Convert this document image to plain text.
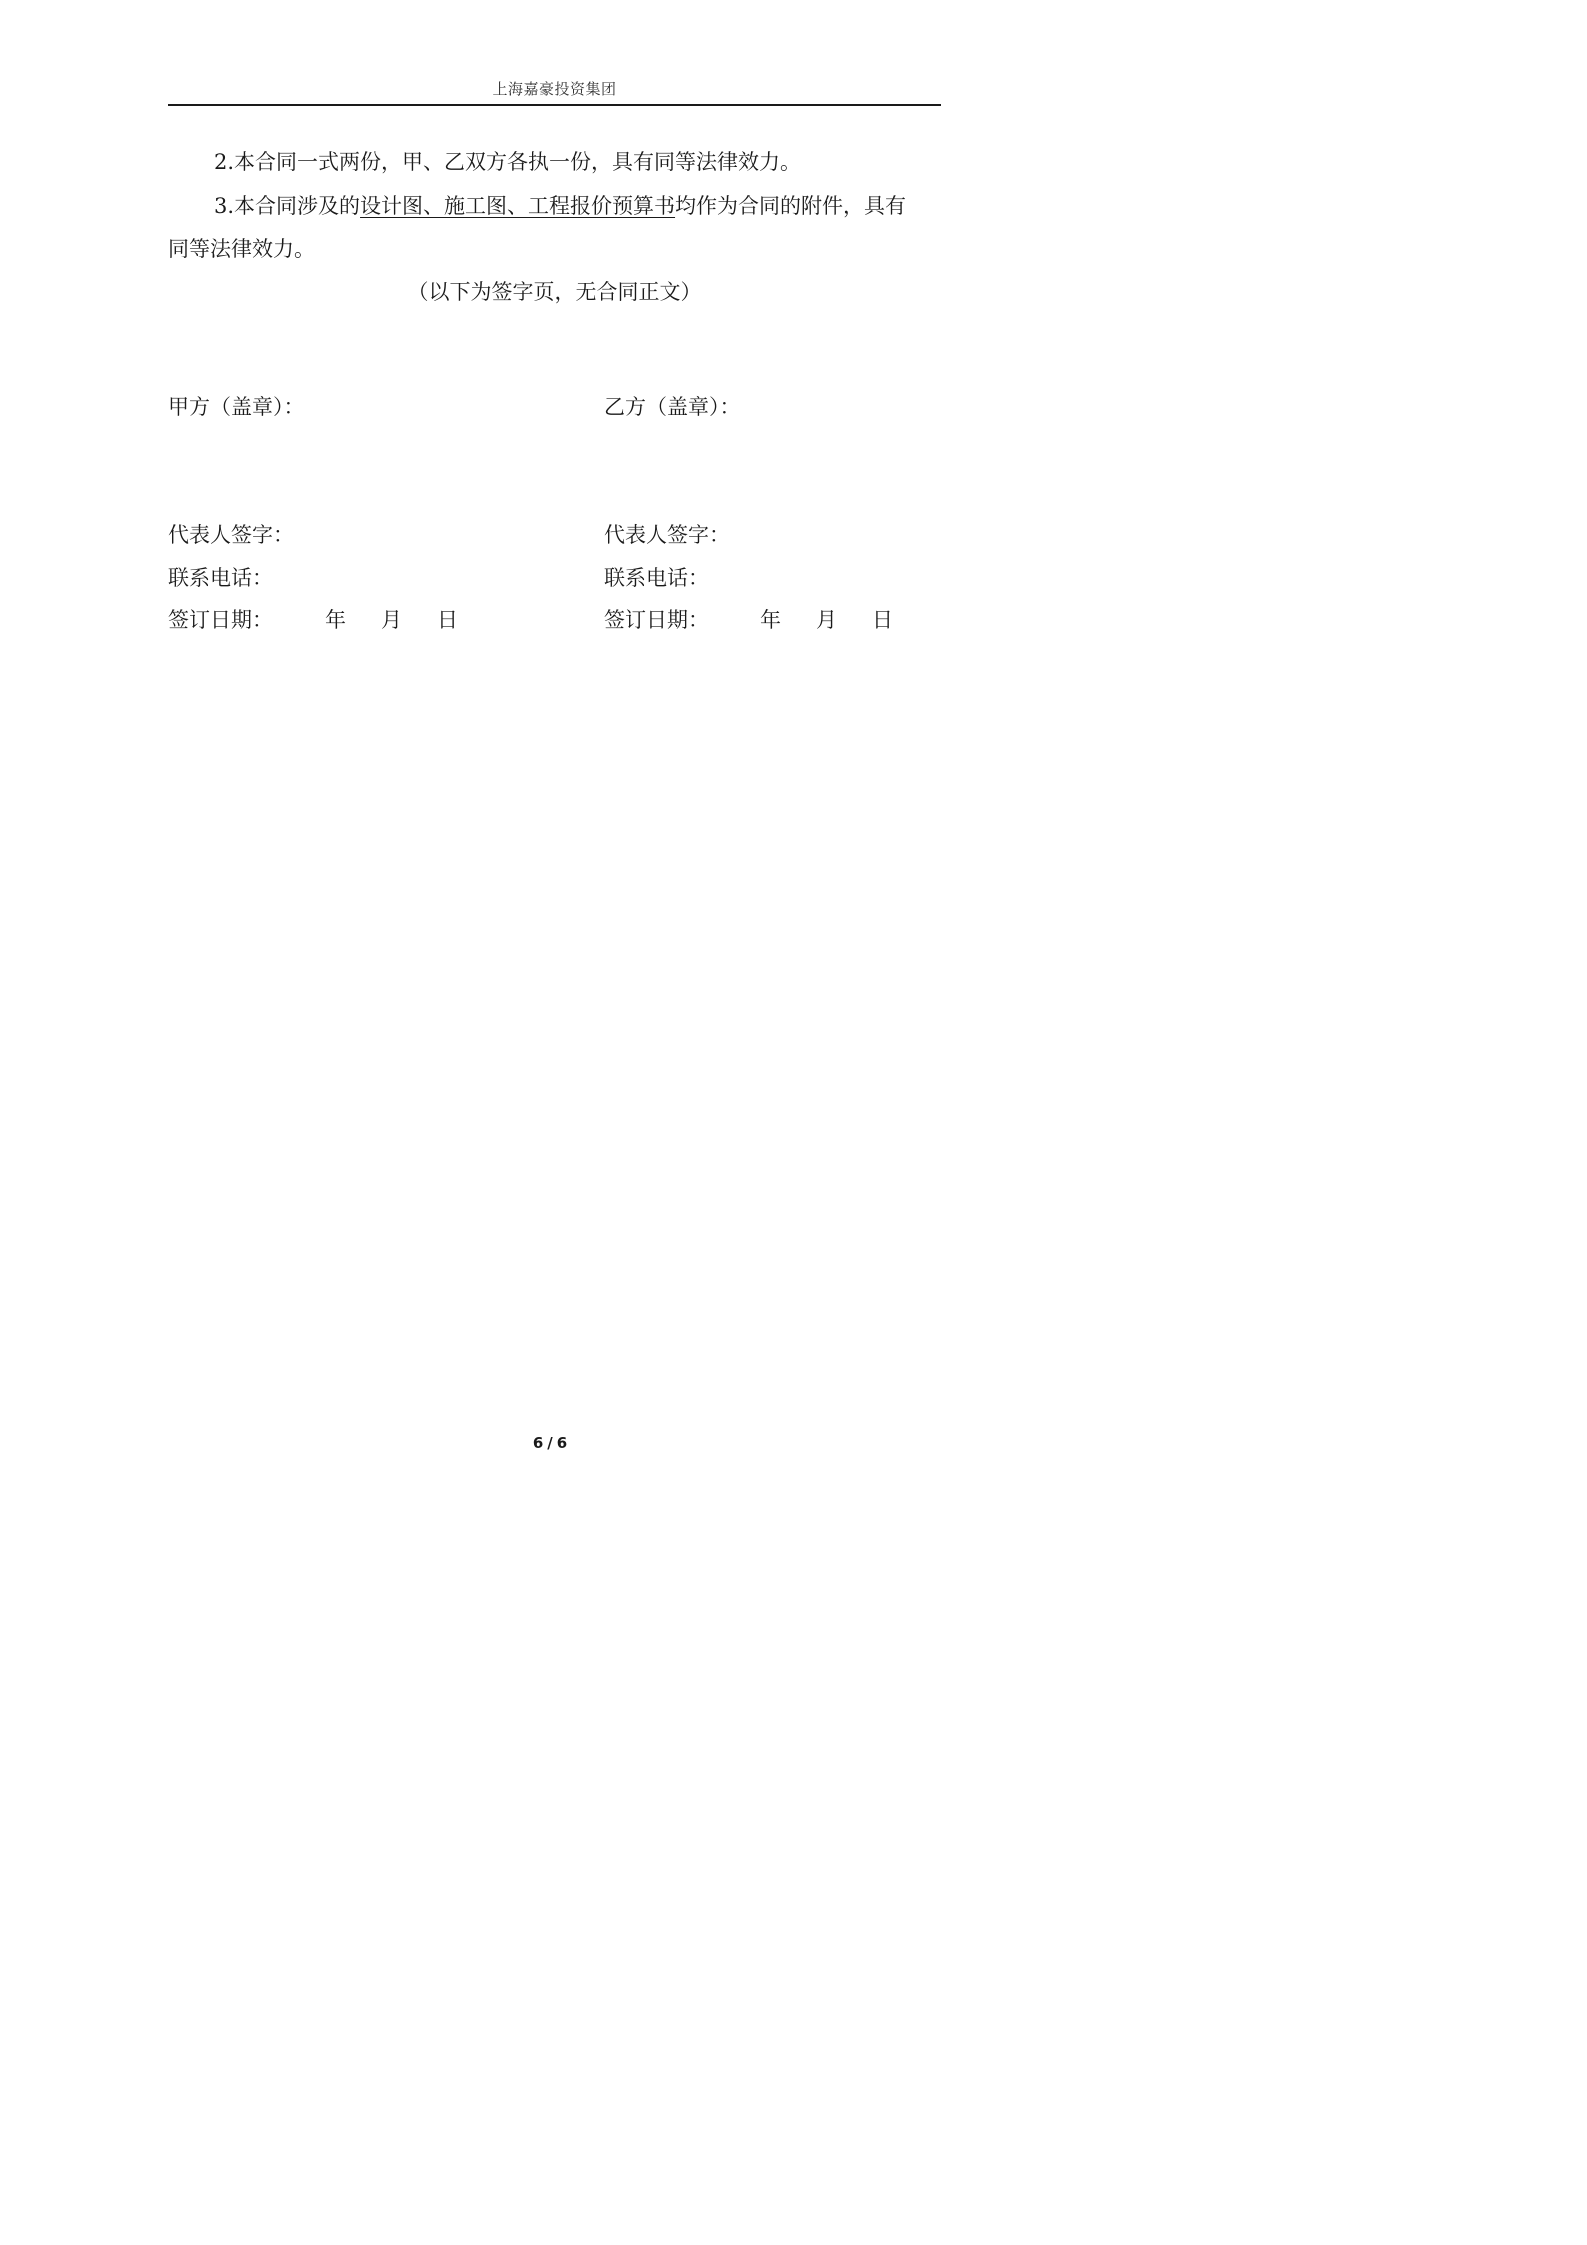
上海嘉豪投资集团
2.本合同一式两份，甲、乙双方各执一份，具有同等法律效力。
3.本合同涉及的设计图、施工图、工程报价预算书均作为合同的附件，具有
同等法律效力。
（以下为签字页，无合同正文）
甲方（盖章）：	乙方（盖章）：
代表人签字：	代表人签字：
联系电话：	联系电话：
签订日期： 年 月 日	签订日期： 年 月 日
6 / 6
